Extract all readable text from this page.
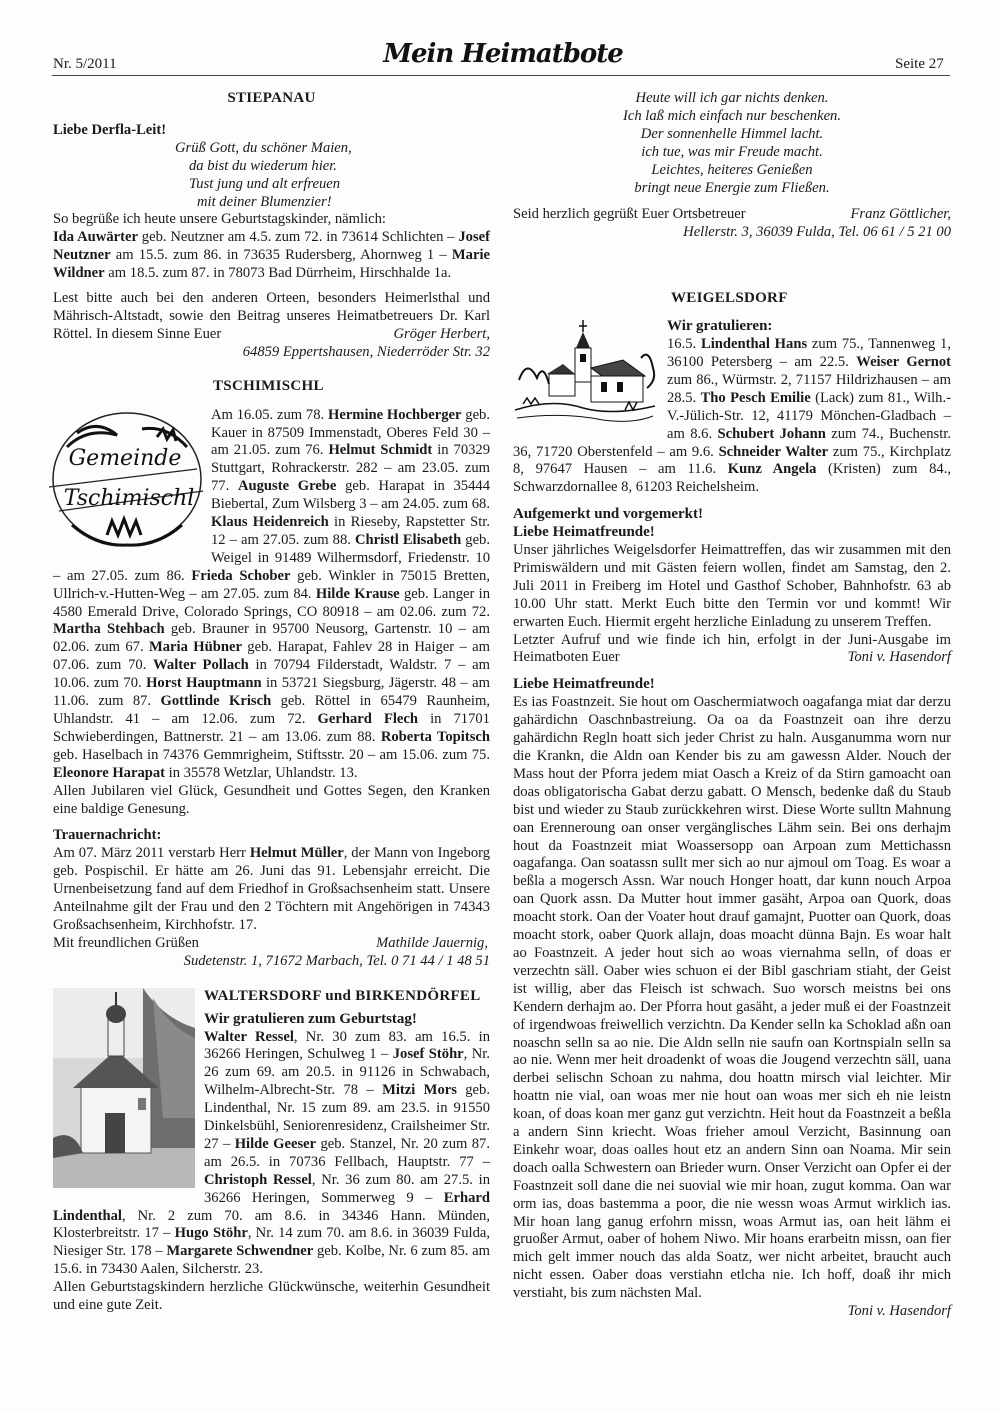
Nr. 5/2011	Mein Heimatbote	Seite 27

STIEPANAU

Liebe Derfla-Leit!

Grüß Gott, du schöner Maien,
da bist du wiederum hier.
Tust jung und alt erfreuen
mit deiner Blumenzier!

So begrüße ich heute unsere Geburtstagskinder, nämlich:

Ida Auwärter geb. Neutzner am 4.5. zum 72. in 73614 Schlichten – Josef Neutzner am 15.5. zum 86. in 73635 Rudersberg, Ahornweg 1 – Marie Wildner am 18.5. zum 87. in 78073 Bad Dürrheim, Hirschhalde 1a.

Lest bitte auch bei den anderen Orteen, besonders Heimerlsthal und Mährisch-Altstadt, sowie den Beitrag unseres Heimatbetreuers Dr. Karl Röttel. In diesem Sinne Euer	Gröger Herbert,

64859 Eppertshausen, Niederröder Str. 32

TSCHIMISCHL

Gemeinde
Tschimischl

Am 16.05. zum 78. Hermine Hochberger geb. Kauer in 87509 Immenstadt, Oberes Feld 30 – am 21.05. zum 76. Helmut Schmidt in 70329 Stuttgart, Rohrackerstr. 282 – am 23.05. zum 77. Auguste Grebe geb. Harapat in 35444 Biebertal, Zum Wilsberg 3 – am 24.05. zum 68. Klaus Heidenreich in Rieseby, Rapstetter Str. 12 – am 27.05. zum 88. Christl Elisabeth geb. Weigel in 91489 Wilhermsdorf, Friedenstr. 10 – am 27.05. zum 86. Frieda Schober geb. Winkler in 75015 Bretten, Ullrich-v.-Hutten-Weg – am 27.05. zum 84. Hilde Krause geb. Langer in 4580 Emerald Drive, Colorado Springs, CO 80918 – am 02.06. zum 72. Martha Stehbach geb. Brauner in 95700 Neusorg, Gartenstr. 10 – am 02.06. zum 67. Maria Hübner geb. Harapat, Fahlev 28 in Haiger – am 07.06. zum 70. Walter Pollach in 70794 Filderstadt, Waldstr. 7 – am 10.06. zum 70. Horst Hauptmann in 53721 Siegsburg, Jägerstr. 48 – am 11.06. zum 87. Gottlinde Krisch geb. Röttel in 65479 Raunheim, Uhlandstr. 41 – am 12.06. zum 72. Gerhard Flech in 71701 Schwieberdingen, Battnerstr. 21 – am 13.06. zum 88. Roberta Topitsch geb. Haselbach in 74376 Gemmrigheim, Stiftsstr. 20 – am 15.06. zum 75. Eleonore Harapat in 35578 Wetzlar, Uhlandstr. 13.

Allen Jubilaren viel Glück, Gesundheit und Gottes Segen, den Kranken eine baldige Genesung.

Trauernachricht:

Am 07. März 2011 verstarb Herr Helmut Müller, der Mann von Ingeborg geb. Pospischil. Er hätte am 26. Juni das 91. Lebensjahr erreicht. Die Urnenbeisetzung fand auf dem Friedhof in Großsachsenheim statt. Unsere Anteilnahme gilt der Frau und den 2 Töchtern mit Angehörigen in 74343 Großsachsenheim, Kirchhofstr. 17.

Mit freundlichen Grüßen	Mathilde Jauernig,

Sudetenstr. 1, 71672 Marbach, Tel. 0 71 44 / 1 48 51

WALTERSDORF und BIRKENDÖRFEL

Wir gratulieren zum Geburtstag!

Walter Ressel, Nr. 30 zum 83. am 16.5. in 36266 Heringen, Schulweg 1 – Josef Stöhr, Nr. 26 zum 69. am 20.5. in 91126 in Schwabach, Wilhelm-Albrecht-Str. 78 – Mitzi Mors geb. Lindenthal, Nr. 15 zum 89. am 23.5. in 91550 Dinkelsbühl, Seniorenresidenz, Crailsheimer Str. 27 – Hilde Geeser geb. Stanzel, Nr. 20 zum 87. am 26.5. in 70736 Fellbach, Hauptstr. 77 – Christoph Ressel, Nr. 36 zum 80. am 27.5. in 36266 Heringen, Sommerweg 9 – Erhard Lindenthal, Nr. 2 zum 70. am 8.6. in 34346 Hann. Münden, Klosterbreitstr. 17 – Hugo Stöhr, Nr. 14 zum 70. am 8.6. in 36039 Fulda, Niesiger Str. 178 – Margarete Schwendner geb. Kolbe, Nr. 6 zum 85. am 15.6. in 73430 Aalen, Silcherstr. 23.

Allen Geburtstagskindern herzliche Glückwünsche, weiterhin Gesundheit und eine gute Zeit.

Heute will ich gar nichts denken.
Ich laß mich einfach nur beschenken.
Der sonnenhelle Himmel lacht.
ich tue, was mir Freude macht.
Leichtes, heiteres Genießen
bringt neue Energie zum Fließen.
Seid herzlich gegrüßt Euer Ortsbetreuer	Franz Göttlicher,

Hellerstr. 3, 36039 Fulda, Tel. 06 61 / 5 21 00

WEIGELSDORF

Wir gratulieren:

16.5. Lindenthal Hans zum 75., Tannenweg 1, 36100 Petersberg – am 22.5. Weiser Gernot zum 86., Würmstr. 2, 71157 Hildrizhausen – am 28.5. Tho Pesch Emilie (Lack) zum 81., Wilh.-V.-Jülich-Str. 12, 41179 Mönchen-Gladbach – am 8.6. Schubert Johann zum 74., Buchenstr. 36, 71720 Oberstenfeld – am 9.6. Schneider Walter zum 75., Kirchplatz 8, 97647 Hausen – am 11.6. Kunz Angela (Kristen) zum 84., Schwarzdornallee 8, 61203 Reichelsheim.

Aufgemerkt und vorgemerkt!

Liebe Heimatfreunde!

Unser jährliches Weigelsdorfer Heimattreffen, das wir zusammen mit den Primiswäldern und mit Gästen feiern wollen, findet am Samstag, den 2. Juli 2011 in Freiberg im Hotel und Gasthof Schober, Bahnhofstr. 63 ab 10.00 Uhr statt. Merkt Euch bitte den Termin vor und kommt! Wir erwarten Euch. Hiermit ergeht herzliche Einladung zu unserem Treffen.

Letzter Aufruf und wie finde ich hin, erfolgt in der Juni-Ausgabe im Heimatboten Euer	Toni v. Hasendorf

Liebe Heimatfreunde!

Es ias Foastnzeit. Sie hout om Oaschermiatwoch oagafanga miat dar derzu gahärdichn Oaschnbastreiung. Oa oa da Foastnzeit oan ihre derzu gahärdichn Regln hoatt sich jeder Christ zu haln. Ausganumma worn nur die Krankn, die Aldn oan Kender bis zu am gawessn Alder. Nouch der Mass hout der Pforra jedem miat Oasch a Kreiz of da Stirn gamoacht oan doas obligatorischa Gabat derzu gabatt. O Mensch, bedenke daß du Staub bist und wieder zu Staub zurückkehren wirst. Diese Worte sulltn Mahnung oan Erenneroung oan onser vergänglisches Lähm sein. Bei ons derhajm hout da Foastnzeit miat Woassersopp oan Arpoan zum Mettichassn oagafanga. Oan soatassn sullt mer sich ao nur ajmoul om Toag. Es woar a beßla a mogersch Assn. War nouch Honger hoatt, dar kunn nouch Arpoa oan Quork assn. Da Mutter hout immer gasäht, Arpoa oan Quork, doas moacht stork. Oan der Voater hout drauf gamajnt, Puotter oan Quork, doas moacht stork, oaber Quork allajn, doas moacht dünna Bajn. Es woar halt ao Foastnzeit. A jeder hout sich ao woas viernahma selln, of doas er verzechtn säll. Oaber wies schuon ei der Bibl gaschriam stiaht, der Geist ist willig, aber das Fleisch ist schwach. Suo worsch meistns bei ons Kendern derhajm ao. Der Pforra hout gasäht, a jeder muß ei der Foastnzeit of irgendwoas freiwellich verzichtn. Da Kender selln ka Schoklad aßn oan noaschn selln sa ao nie. Die Aldn selln nie saufn oan Kortnspialn selln sa ao nie. Wenn mer heit droadenkt of woas die Jougend verzechtn säll, uana derbei selischn Schoan zu nahma, dou hoattn mirsch vial leichter. Mir hoattn nie vial, oan woas mer nie hout oan woas mer sich eh nie leistn koan, of doas koan mer ganz gut verzichtn. Heit hout da Foastnzeit a beßla a andern Sinn kriecht. Woas frieher amoul Verzicht, Basinnung oan Einkehr woar, doas oalles hout etz an andern Sinn oan Noama. Mir sein doach oalla Schwestern oan Brieder wurn. Onser Verzicht oan Opfer ei der Foastnzeit soll dane die nei suovial wie mir hoan, zugut komma. Oan war orm ias, doas bastemma a poor, die nie wessn woas Armut wirklich ias. Mir hoan lang ganug erfohrn missn, woas Armut ias, oan heit lähm ei gruoßer Armut, oaber of hohem Niwo. Mir hoans erarbeitn missn, oan fier mich gelt immer nouch das alda Soatz, wer nicht arbeitet, braucht auch nicht essen. Oaber doas verstiahn etlcha nie. Ich hoff, doaß ihr mich verstiaht, bis zum nächsten Mal.

Toni v. Hasendorf
